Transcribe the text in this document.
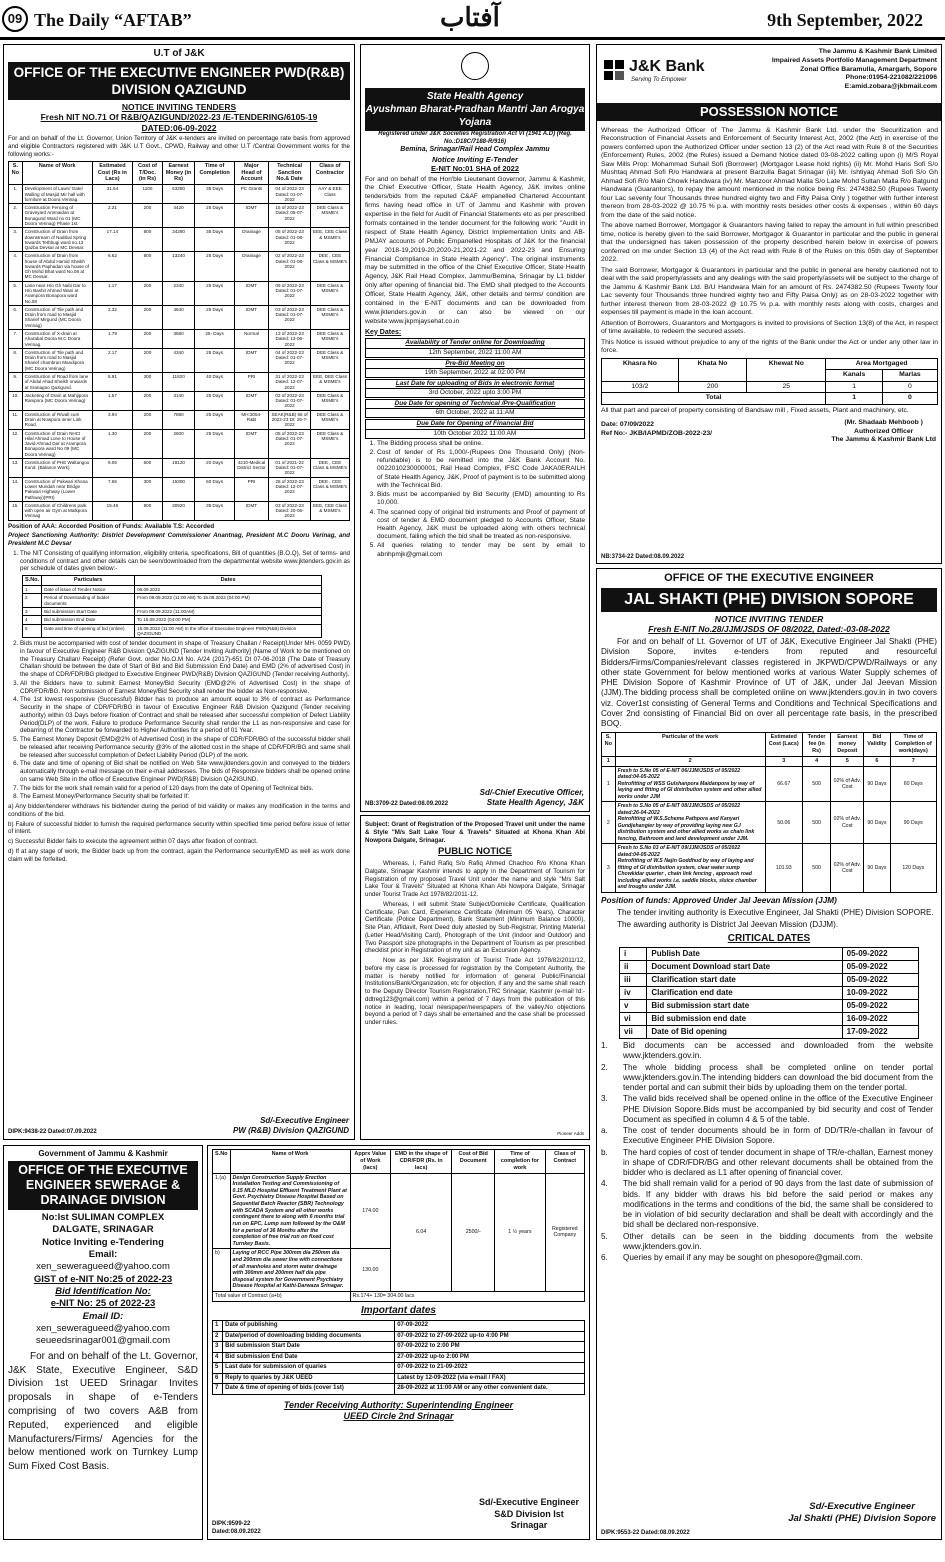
09 The Daily “AFTAB”	آفتاب	9th September, 2022
U.T of J&K
OFFICE OF THE EXECUTIVE ENGINEER PWD(R&B) DIVISION QAZIGUND
NOTICE INVITING TENDERS
Fresh NIT NO.71 Of R&B/QAZIGUND/2022-23 /E-TENDERING/6105-19
DATED:06-09-2022

For and on behalf of the Lt. Governor, Union Territory of J&K e-tenders are invited on percentage rate basis from approved and eligible Contractors registered with J&K U.T Govt., CPWD, Railway and other U.T /Central Government works for the following works:-

S. No	Name of Work	Estimated Cost (Rs in Lacs)	Cost of T/Doc. (in Rs)	Earnest Money (in Rs)	Time of Completion	Major Head of Account	Technical Sanction No.& Date	Class of Contractor
1.	Development of Lawn/ Gate/ Walling of Masjid Mir hall with furniture at Doora Verinag.	31.64	1100	63280	35 Days	PC Grants	04 of 2022-23 Dated: 01-07-2022	AAY & EEE Class
2.	Construction Fencing of Graveyard Ammaidan at Bonagund Ward no 01 (MC Doora Verinag) Phase 1st.	2.21	200	4420	25 Days	IDMT	15 of 2022-23 Dated: 05-07-2022	DEE Class & MSME's
3.	Construction of Drain from downstream of Nadibal Spring towards Tethbugi ward no.13 Qazba Devsar at MC Devsar.	17.14	800	34280	35 Days	Drainage	05 of 2022-23 Dated: 01-08-2022	EEE, CEE Class & MSME's
4.	Construction of Drain from house of Abdul Hamid Sheikh towards Paphadan via house of Gh Mohd Bhat ward No.08 at MC Devsar.	6.62	800	13240	25 Days	Drainage	02 of 2022-23 Dated: 01-08-2022	DEE , CEE Class & MSME's
5.	Lane near H/o Gh Nabi Dar to H/o Bashir Ahmed Wani at Arampora Bonapora ward No.08	1.17	200	2340	25 Days	IDMT	06 of 2022-23 Dated: 01-07-2022	DEE Class & MSME's
6.	Construction of Tile path and Drain from road to Masjid Sharief Mirgund (MC Doora Verinag)	2.32	200	4640	25 Days	IDMT	03 of 2022-23 Dated: 01-07-2022	DEE Class & MSME's
7.	Construction of X-drain at Aharabal Doora M.C Doora Verinag.	1.79	200	3580	25- Days	Normal	13 of 2022-23 Dated: 13-06-2022	DEE Class & MSME's
8.	Construction of Tile path and Drain from road to Masjid Sharief chambran Mandipora (MC Doora Verinag)	2.17	200	4340	25 Days	IDMT	04 of 2022-23 Dated: 01-07-2022	DEE Class & MSME's
9.	Construction of Road from lane of Abdul Ahad Sheikh onwards at Sranagoo Qazigund.	5.91	300	11820	40 Days	PRI	31 of 2022-23 Dated: 12-07-2022	EEE, DEE Class & MSME's
10.	Jacketing of Drain at Mahjipora Ranipora (MC Doora Verinag)	1.57	200	3140	25 Days	IDMT	02 of 2022-23 Dated: 01-07-2022	DEE Class & MSME's
11.	Construction of R/wall cum Drain at Nowpora inner Link Road.	3.94	200	7880	25 Days	MH:3054-R&B	SEAK(R&B) 56 of 2022-23 Dt: 26-7-2022	DEE Class & MSME's
12.	Construction of Drain NHCI Hilal Ahmad Lone to House of Javid Ahmad Dar at Arampora Bonapora ward No 09 (MC Doora Verinag)	1.30	200	2600	25 Days	IDMT	05 of 2022-23 Dated: 01-07-2022	DEE Class & MSME's
13.	Construction of PHE Waltangoo Kund. (Balance Work)	9.06	600	18120	20 Days	4210-Medical District Sector	01 of 2021-22 Dated: 01-07-2022	DEE , CEE Class & MSME's
14.	Construction of Pakwari Khona Lower Mundah near Bridge Pakwari Highway (Lower Pathway)(PRI)	7.65	300	15300	60 Days	PRI	25 of 2022-23 Dated: 12-07-2022	DEE , CEE Class & MSME's
15.	Construction of Childrens park with open air Gym at Malkpora Verinag	15.46	800	30920	35 Days	IDMT	03 of 2022-23 Dated: 20-06-2022	EEE, CEE Class & MSME's

Position of AAA: Accorded Position of Funds: Available T.S: Accorded

Project Sanctioning Authority: District Development Commissioner Anantnag, President M.C Dooru Verinag, and President M.C Devsar

1. The NIT Consisting of qualifying information, eligibility criteria, specifications, Bill of quantities (B.O.Q), Set of terms- and conditions of contract and other details can be seen/downloaded from the departmental website www.jktenders.gov.in as per schedule of dates given below:-
S.No.	Particulars	Dates
1	Date of issue of Tender Notice	06.09.2022
2	Period of Downloading of bidder documents	From 09.09.2022 (11:00 AM) To 15.09.2022 (04:00 PM)
3	Bid submission Start Date	From 09.09.2022 (11:00AM)
4	Bid submission End Date	To 15.09.2022 (04:00 PM)
5	Date and time of opening of bid (online)	16.09.2022 (11:00 AM) In the office of Executive Engineer PWD(R&B) Division QAZIGUND
2. Bids must be accompanied with cost of tender document in shape of Treasury Challan / Receipt(Under MH- 0059 PWD) in favour of Executive Engineer R&B Division QAZIGUND [Tender Inviting Authority] (Name of Work to be mentioned on the Treasury Challan/ Receipt) (Refer Govt. order No.O.M No. A/24 (2017)-651 Dt 07-06-2018 (The Date of Treasury Challan should be between the date of Start of Bid and Bid Submission End Date) and EMD (2% of advertised Cost) in the shape of CDR/FDR/BG pledged to Executive Engineer PWD(R&B) Division QAZIGUND (Tender receiving Authority).
3. All the Bidders have to submit Earnest Money/Bid Security (EMD@2% of Advertised Cost) in the shape of CDR/FDR/BG. Non submission of Earnest Money/Bid Security shall render the bidder as Non-responsive.
4. The 1st lowest responsive (Successful) Bidder has to produce an amount equal to 3% of contract as Performance Security in the shape of CDR/FDR/BG in favour of Executive Engineer R&B Division Qazigund (Tender receiving authority) within 03 Days before fixation of Contract and shall be released after successful completion of Defect Liability Period(DLP) of the work. Failure to produce Performance Security shall render the L1 as non-responsive and case for debarring of the Contractor be forwarded to Higher Authorities for a period of 01 Year.
5. The Earnest Money Deposit (EMD@2% of Advertised Cost) in the shape of CDR/FDR/BG of the successful bidder shall be released after receiving Performance security @3% of the allotted cost in the shape of CDR/FDR/BG and same shall be released after successful completion of Defect Liability Period (DLP) of the work.
6. The date and time of opening of Bid shall be notified on Web Site www.jktenders.gov.in and conveyed to the bidders automatically through e-mail message on their e-mail addresses. The bids of Responsive bidders shall be opened online on same Web Site in the office of Executive Engineer PWD(R&B) Division QAZIGUND.
7. The bids for the work shall remain valid for a period of 120 days from the date of Opening of Technical bids.
8. The Earnest Money/Performance Security shall be forfeited If:

a) Any bidder/tenderer withdraws his bid/tender during the period of bid validity or makes any modification in the terms and conditions of the bid.

b) Failure of successful bidder to furnish the required performance security within specified time period before issue of letter of intent.

c) Successful Bidder fails to execute the agreement within 07 days after fixation of contract.

d) If at any stage of work, the Bidder back up from the contract, again the Performance security/EMD as well as work done claim will be forfeited.

DIPK:9438-22 Dated:07.09.2022
Sd/-Executive Engineer
PW (R&B) Division QAZIGUND
State Health Agency
Ayushman Bharat-Pradhan Mantri Jan Arogya Yojana
Registered under J&K Societies Registration Act VI (1941 A.D) (Reg. No.:D18C/7188-R/916)
Bemina, Srinagar/Rail Head Complex Jammu
Notice Inviting E-Tender
E-NIT No:01 SHA of 2022

For and on behalf of the Hon'ble Lieutenant Governor, Jammu & Kashmir, the Chief Executive Officer, State Health Agency, J&K invites online tenders/bids from the reputed C&AF empanelled Chartered Accountant firms having head office in UT of Jammu and Kashmir with proven expertise in the field for Audit of Financial Statements etc as per prescribed formats contained in the tender document for the following work: "Audit in respect of State Health Agency, District Implementation Units and AB-PMJAY accounts of Public Empanelled Hospitals of J&K for the financial year 2018-19,2019-20,2020-21,2021-22 and 2022-23 and Ensuring Financial Compliance in State Health Agency". The original instruments may be submitted in the office of the Chief Executive Officer, State Health Agency, J&K Rail Head Complex, Jammu/Bemina, Srinagar by L1 bidder only after opening of financial bid. The EMD shall pledged to the Accounts Officer, State Health Agency, J&K, other details and terms/ condition are contained in the E-NIT documents and can be downloaded from www.jktenders.gov.in or can also be viewed on our website:www.jkpmjaysehat.co.in

Key Dates:
Availability of Tender online for Downloading
12th September, 2022 11:00 AM
Pre-Bid Meeting on
19th September, 2022 at 02:00 PM
Last Date for uploading of Bids in electronic format
3rd October, 2022 upto 3:00 PM
Due Date for opening of Technical /Pre-Qualification
6th October, 2022 at 11:AM
Due Date for Opening of Financial Bid
10th October 2022 11:00 AM
1. The Bidding process shall be online.
2. Cost of tender of Rs 1,000/-(Rupees One Thousand Only) (Non- refundable) is to be remitted into the J&K Bank Account No. 0022010230000001, Rail Head Complex, IFSC Code JAKA0ERAILH of State Health Agency, J&K, Proof of payment is to be submitted along with the Technical Bid.
3. Bids must be accompanied by Bid Security (EMD) amounting to Rs 10,000.
4. The scanned copy of original bid instruments and Proof of payment of cost of tender & EMD document pledged to Accounts Officer, State Health Agency, J&K must be uploaded along with others technical document, failing which the bid shall be treated as non-responsive.
5. All queries relating to tender may be sent by email to abnhpmjk@gmail.com
NB:3709-22 Dated:08.09.2022
Sd/-Chief Executive Officer,
State Health Agency, J&K

Subject: Grant of Registration of the Proposed Travel unit under the name & Style "M/s Salt Lake Tour & Travels" Situated at Khona Khan Abi Nowpora Dalgate, Srinagar.

PUBLIC NOTICE

Whereas, I, Fahid Rafiq S/o Rafiq Ahmed Chachoo R/o Khona Khan Dalgate, Srinagar Kashmir intends to apply in the Department of Tourism for Registration of my proposed Travel Unit under the name and style "M/s Salt Lake Tour & Travels" Situated at Khona Khan Abi Nowpora Dalgate, Srinagar under Tourist Trade Act 1978/82/2011-12.

Whereas, I will submit State Subject/Domicile Certificate, Qualification Certificate, Pan Card, Experience Certificate (Minimum 05 Years), Character Certificate (Police Department), Bank Statement (Minimum Balance 10000), Site Plan, Affidavit, Rent Deed duly attested by Sub-Registrar, Printing Material (Letter Head/Visiting Card), Photograph of the Unit (Indoor and Outdoor) and Two Passport size photographs in the Department of Tourism as per prescribed checklist prior in Registration of my unit as an Excursion Agency.

Now as per J&K Registration of Tourist Trade Act 1978/82/2011/12, before my case is processed for registration by the Competent Authority, the matter is hereby notified for information of general Public/Financial Institutions/Bank/Organization, etc for objection, if any and the same shall reach to the Deputy Director Tourism Registration,TRC Srinagar, Kashmir (e-mail Id:-ddtreg123@gmail.com) within a period of 7 days from the publication of this notice in leading, local newspaper/newspapers of the valley.No objections beyond a period of 7 days shall be entertained and the case shall be processed under rules.

Pioneer Adds
J&K Bank
Serving To Empower
The Jammu & Kashmir Bank Limited
Impaired Assets Portfolio Management Department
Zonal Office Baramulla, Amargarh, Sopore
Phone:01954-221082/221096
E:amid.zobara@jkbmail.com
POSSESSION NOTICE

Whereas the Authorized Officer of The Jammu & Kashmir Bank Ltd. under the Securitization and Reconstruction of Financial Assets and Enforcement of Security Interest Act, 2002 (the Act) in exercise of the powers conferred upon the Authorized Officer under section 13 (2) of the Act read with Rule 8 of the Securities (Enforcement) Rules, 2002 (the Rules) issued a Demand Notice dated 03-08-2022 calling upon (i) M/S Royal Saw Mills Prop: Mohammad Suhail Sofi (Borrower) (Mortgagor Lease hold rights) (ii) Mr. Mohd Haris Sofi S/o Mushtaq Ahmad Sofi R/o Handwara at present Barzulla Bagat Srinagar (iii) Mr. Ishtiyaq Ahmad Sofi S/o Gh Ahmad Sofi R/o Main Chowk Handwara (iv) Mr. Manzoor Ahmad Malla S/o Late Mohd Sultan Malla R/o Batgund Handwara (Guarantors), to repay the amount mentioned in the notice being Rs. 2474382.50 (Rupees Twenty four Lac seventy four Thousands three hundred eighty two and Fifty Paisa Only ) together with further interest thereon from 28-03-2022 @ 10.75 % p.a. with monthly rests besides other costs & expenses , within 60 days from the date of the said notice.

The above named Borrower, Mortgagor & Guarantors having failed to repay the amount in full within prescribed time, notice is hereby given to the said Borrower, Mortgagor & Guarantor in particular and the public in general that the undersigned has taken possession of the property described herein below in exercise of powers conferred on me under Section 13 (4) of the Act read with Rule 8 of the Rules on this 05th day of September 2022.

The said Borrower, Mortgagor & Guarantors in particular and the public in general are hereby cautioned not to deal with the said property/assets and any dealings with the said property/assets will be subject to the charge of the Jammu & Kashmir Bank Ltd. B/U Handwara Main for an amount of Rs. 2474382.50 (Rupees Twenty four Lac seventy four Thousands three hundred eighty two and Fifty Paisa Only) as on 28-03-2022 together with further interest thereon from 28-03-2022 @ 10.75 % p.a. with monthly rests along with costs, charges and expenses till payment is made in the loan account.

Attention of Borrowers, Guarantors and Mortgagors is invited to provisions of Section 13(8) of the Act, in respect of time available, to redeem the secured assets.

This Notice is issued without prejudice to any of the rights of the Bank under the Act or under any other law in force.

Khasra No	Khata No	Khewat No	Area Mortgaged	
			Kanals	Marlas
103/2	200	25	1	0
Total			1	0

All that part and parcel of property consisting of Bandsaw mill , Fixed assets, Plant and machinery, etc.

Date: 07/09/2022
Ref No:- JKB/IAPMD/ZOB-2022-23/
(Mr. Shadaab Mehboob )
Authorized Officer
The Jammu & Kashmir Bank Ltd
NB:3734-22 Dated:08.09.2022
OFFICE OF THE EXECUTIVE ENGINEER
JAL SHAKTI (PHE) DIVISION SOPORE
NOTICE INVITING TENDER
Fresh E-NIT No.28/JJM/JSDS OF 08/2022, Dated:-03-08-2022

For and on behalf of Lt. Governor of UT of J&K, Executive Engineer Jal Shakti (PHE) Division Sopore, invites e-tenders from reputed and resourceful Bidders/Firms/Companies/relevant classes registered in JKPWD/CPWD/Railways or any other state Government for below mentioned works at various Water Supply schemes of PHE Division Sopore of Kashmir Province of UT of J&K, under Jal Jeevan Mission (JJM).The bidding process shall be completed online on www.jktenders.gov.in in two covers viz. Cover1st consisting of General Terms and Conditions and Technical Specifications and Cover 2nd consisting of Financial Bid on over all percentage rate basis, in the prescribed BOQ.

S. No	Particular of the work	Estimated Cost (Lacs)	Tender fee (in Rs)	Earnest money Deposit	Bid Validity	Time of Completion of work(days)
1	2	3	4	5	6	7
1	Fresh to S.No 05 of E-NIT 06/JJM/JSDS of 05/2022 dated:04-05-2022
Retrofitting of WSS Gulshanpora Maidanpora by way of laying and fitting of GI distribution system and other allied works under JJM	66.67	500	02% of Adv. Cost	90 Days	60 Days
2	Fresh to S.No 05 of E-NIT 08/JJM/JSDS of 05/2022 dated:26-04-2022
Retrofitting of W.S.Scheme Pathpora and Kanyari Gundjehangier by way of providing laying new G.I distribution system and other allied works as chain link fencing, Bathroom and land development under JJM.	50.06	500	02% of Adv. Cost	90 Days	90 Days
3	Fresh to S.No 03 of E-NIT 09/JJM/JSDS of 05/2022 dated:04-05-2022
Retrofitting of W.S Najin Goddhud by way of laying and fitting of GI distribution system, clear water sump Chowkidar quarter , chain link fencing , approach road including allied works i.e. saddle blocks, sluice chamber and troughs under JJM.	101.93	500	02% of Adv. Cost	90 Days	120 Days

Position of funds: Approved Under Jal Jeevan Mission (JJM)

The tender inviting authority is Executive Engineer, Jal Shakti (PHE) Division SOPORE.

The awarding authority is District Jal Jeevan Mission (DJJM).

CRITICAL DATES
i	Publish Date	05-09-2022
ii	Document Download start Date	05-09-2022
iii	Clarification start date	05-09-2022
iv	Clarification end date	10-09-2022
v	Bid submission start date	05-09-2022
vi	Bid submission end date	16-09-2022
vii	Date of Bid opening	17-09-2022
1.	Bid documents can be accessed and downloaded from the website www.jktenders.gov.in.
2.	The whole bidding process shall be completed online on tender portal www.jktenders.gov.in.The intending bidders can download the bid document from the tender portal and can submit their bids by uploading them on the tender portal.
3.	The valid bids received shall be opened online in the office of the Executive Engineer PHE Division Sopore.Bids must be accompanied by bid security and cost of Tender Document as specified in column 4 & 5 of the table.
a.	The cost of tender documents should be in form of DD/TR/e-challan in favour of Executive Engineer PHE Division Sopore.
b.	The hard copies of cost of tender document in shape of TR/e-challan, Earnest money in shape of CDR/FDR/BG and other relevant documents shall be obtained from the bidder who is declared as L1 after opening of financial cover.
4.	The bid shall remain valid for a period of 90 days from the last date of submission of bids. If any bidder with draws his bid before the said period or makes any modifications in the terms and conditions of the bid, the same shall be considered to be in violation of bid security declaration and shall be dealt with accordingly and the bid shall be declared non-responsive.
5.	Other details can be seen in the bidding documents from the website www.jktenders.gov.in.
6.	Queries by email if any may be sought on phesopore@gmail.com.
Sd/-Executive Engineer
Jal Shakti (PHE) Division Sopore
DIPK:9553-22 Dated:08.09.2022
Government of Jammu & Kashmir
OFFICE OF THE EXECUTIVE ENGINEER SEWERAGE & DRAINAGE DIVISION
No:Ist SULIMAN COMPLEX
DALGATE, SRINAGAR
Notice Inviting e-Tendering
Email:
xen_seweragueed@yahoo.com
GIST of e-NIT No:25 of 2022-23
Bid Identification No:
e-NIT No: 25 of 2022-23
Email ID:
xen_seweragueed@yahoo.com
seueedsrinagar001@gmail.com

For and on behalf of the Lt. Governor, J&K State, Executive Engineer, S&D Division 1st UEED Srinagar Invites proposals in shape of e-Tenders comprising of two covers A&B from Reputed, experienced and eligible Manufacturers/Firms/ Agencies for the below mentioned work on Turnkey Lump Sum Fixed Cost Basis.

S.No	Name of Work	Apprx Value of Work (lacs)	EMD in the shape of CDR/FDR (Rs. in lacs)	Cost of Bid Document	Time of completion for work	Class of Contract
1.(a)	Design Construction Supply Erection Installation Testing and Commissioning of 0.15 MLD Hospital Effluent Treatment Plant at Govt. Psychiatry Disease Hospital Based on Sequential Batch Reactor (SBR) Technology with SCADA System and all other works contingent there to along with 6 months trial run on EPC, Lump sum followed by the O&M for a period of 36 Months after the completion of free trial run on fixed cost Turnkey Basis.	174.00	6.04	2500/-	1 ½ years	Registered Company
b)	Laying of RCC Pipe 300mm dia 250mm dia and 200mm dia sewer line with connections of all manholes and storm water drainage with 300mm and 200mm half dia pipe disposal system for Government Psychiatry Disease Hospital at Kathi-Darwaza Srinagar.	130.00				
Total value of Contract (a+b)		Rs.174+ 130= 304.00 lacs				
Important dates
1	Date of publishing	07-09-2022
2	Date/period of downloading bidding documents	07-09-2022 to 27-09-2022 up-to 4:00 PM
3	Bid submission Start Date	07-09-2022 to 2:00 PM
4	Bid submission End Date	27-09-2022 up-to 2:00 PM
5	Last date for submission of quaries	07-09-2022 to 21-09-2022
6	Reply to quaries by J&K UEED	Latest by 12-09-2022 (via e-mail / FAX)
7	Date & time of opening of bids (cover 1st)	28-09-2022 at 11:00 AM or any other convenient date.
Tender Receiving Authority: Superintending Engineer
UEED Circle 2nd Srinagar
Sd/-Executive Engineer
S&D Division Ist
Srinagar
DIPK:9599-22
Dated:08.09.2022
